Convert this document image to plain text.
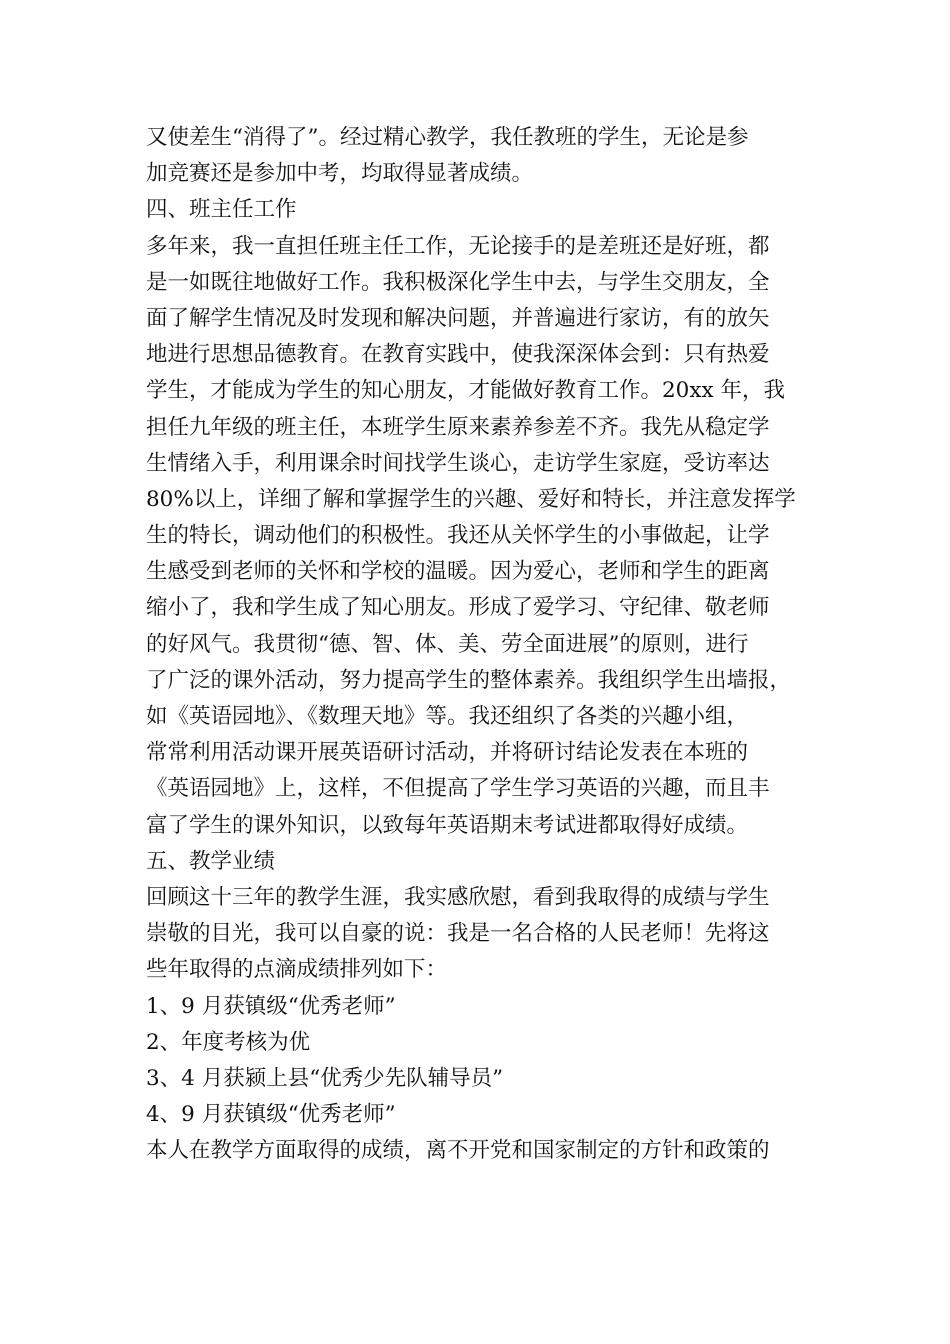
又使差生“消得了”。经过精心教学，我任教班的学生，无论是参
加竞赛还是参加中考，均取得显著成绩。
四、班主任工作
多年来，我一直担任班主任工作，无论接手的是差班还是好班，都
是一如既往地做好工作。我积极深化学生中去，与学生交朋友，全
面了解学生情况及时发现和解决问题，并普遍进行家访，有的放矢
地进行思想品德教育。在教育实践中，使我深深体会到：只有热爱
学生，才能成为学生的知心朋友，才能做好教育工作。20xx 年，我
担任九年级的班主任，本班学生原来素养参差不齐。我先从稳定学
生情绪入手，利用课余时间找学生谈心，走访学生家庭，受访率达
80%以上，详细了解和掌握学生的兴趣、爱好和特长，并注意发挥学
生的特长，调动他们的积极性。我还从关怀学生的小事做起，让学
生感受到老师的关怀和学校的温暖。因为爱心，老师和学生的距离
缩小了，我和学生成了知心朋友。形成了爱学习、守纪律、敬老师
的好风气。我贯彻“德、智、体、美、劳全面进展”的原则，进行
了广泛的课外活动，努力提高学生的整体素养。我组织学生出墙报，
如《英语园地》、《数理天地》等。我还组织了各类的兴趣小组，
常常利用活动课开展英语研讨活动，并将研讨结论发表在本班的
《英语园地》上，这样，不但提高了学生学习英语的兴趣，而且丰
富了学生的课外知识，以致每年英语期末考试进都取得好成绩。
五、教学业绩
回顾这十三年的教学生涯，我实感欣慰，看到我取得的成绩与学生
崇敬的目光，我可以自豪的说：我是一名合格的人民老师！先将这
些年取得的点滴成绩排列如下：
1、9 月获镇级“优秀老师”
2、年度考核为优
3、4 月获颍上县“优秀少先队辅导员”
4、9 月获镇级“优秀老师”
本人在教学方面取得的成绩，离不开党和国家制定的方针和政策的
